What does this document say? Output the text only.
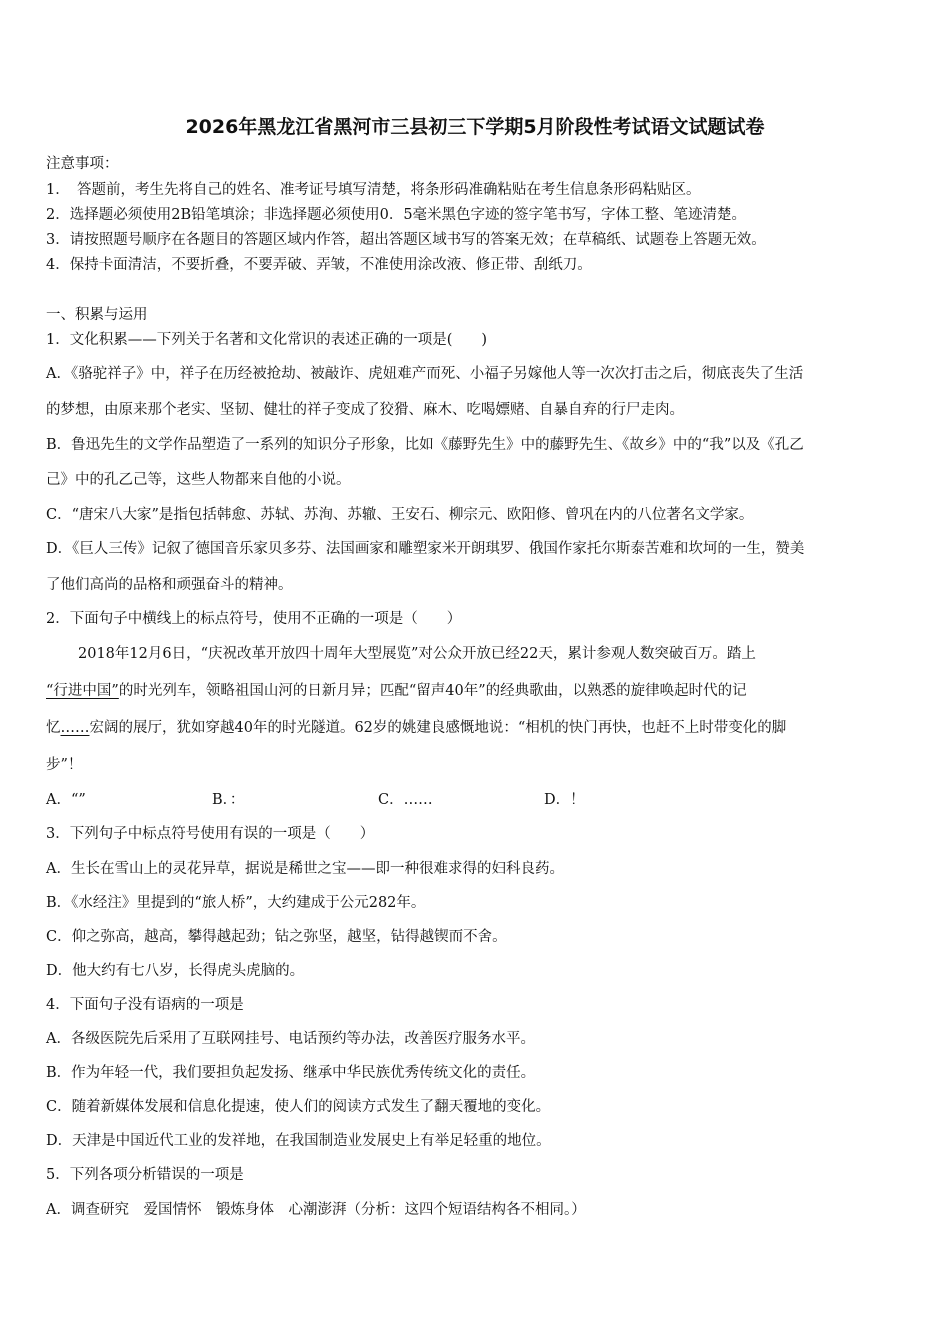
2026年黑龙江省黑河市三县初三下学期5月阶段性考试语文试题试卷
注意事项：
1．　答题前，考生先将自己的姓名、准考证号填写清楚，将条形码准确粘贴在考生信息条形码粘贴区。
2．选择题必须使用2B铅笔填涂；非选择题必须使用0．5毫米黑色字迹的签字笔书写，字体工整、笔迹清楚。
3．请按照题号顺序在各题目的答题区域内作答，超出答题区域书写的答案无效；在草稿纸、试题卷上答题无效。
4．保持卡面清洁，不要折叠，不要弄破、弄皱，不准使用涂改液、修正带、刮纸刀。
一、积累与运用
1．文化积累——下列关于名著和文化常识的表述正确的一项是(　　)
A．《骆驼祥子》中，祥子在历经被抢劫、被敲诈、虎妞难产而死、小福子另嫁他人等一次次打击之后，彻底丧失了生活
的梦想，由原来那个老实、坚韧、健壮的祥子变成了狡猾、麻木、吃喝嫖赌、自暴自弃的行尸走肉。
B．鲁迅先生的文学作品塑造了一系列的知识分子形象，比如《藤野先生》中的藤野先生、《故乡》中的“我”以及《孔乙
己》中的孔乙己等，这些人物都来自他的小说。
C．“唐宋八大家”是指包括韩愈、苏轼、苏洵、苏辙、王安石、柳宗元、欧阳修、曾巩在内的八位著名文学家。
D．《巨人三传》记叙了德国音乐家贝多芬、法国画家和雕塑家米开朗琪罗、俄国作家托尔斯泰苦难和坎坷的一生，赞美
了他们高尚的品格和顽强奋斗的精神。
2．下面句子中横线上的标点符号，使用不正确的一项是（　　）
2018年12月6日，“庆祝改革开放四十周年大型展览”对公众开放已经22天，累计参观人数突破百万。踏上
“行进中国”的时光列车，领略祖国山河的日新月异；匹配“留声40年”的经典歌曲，以熟悉的旋律唤起时代的记
忆……宏阔的展厅，犹如穿越40年的时光隧道。62岁的姚建良感慨地说：“相机的快门再快，也赶不上时带变化的脚
步”！
A．“”	B．：	C．……	D．！
3．下列句子中标点符号使用有误的一项是（　　）
A．生长在雪山上的灵花异草，据说是稀世之宝——即一种很难求得的妇科良药。
B．《水经注》里提到的“旅人桥”，大约建成于公元282年。
C．仰之弥高，越高，攀得越起劲；钻之弥坚，越坚，钻得越锲而不舍。
D．他大约有七八岁，长得虎头虎脑的。
4．下面句子没有语病的一项是
A．各级医院先后采用了互联网挂号、电话预约等办法，改善医疗服务水平。
B．作为年轻一代，我们要担负起发扬、继承中华民族优秀传统文化的责任。
C．随着新媒体发展和信息化提速，使人们的阅读方式发生了翻天覆地的变化。
D．天津是中国近代工业的发祥地，在我国制造业发展史上有举足轻重的地位。
5．下列各项分析错误的一项是
A．调查研究　爱国情怀　锻炼身体　心潮澎湃（分析：这四个短语结构各不相同。）
